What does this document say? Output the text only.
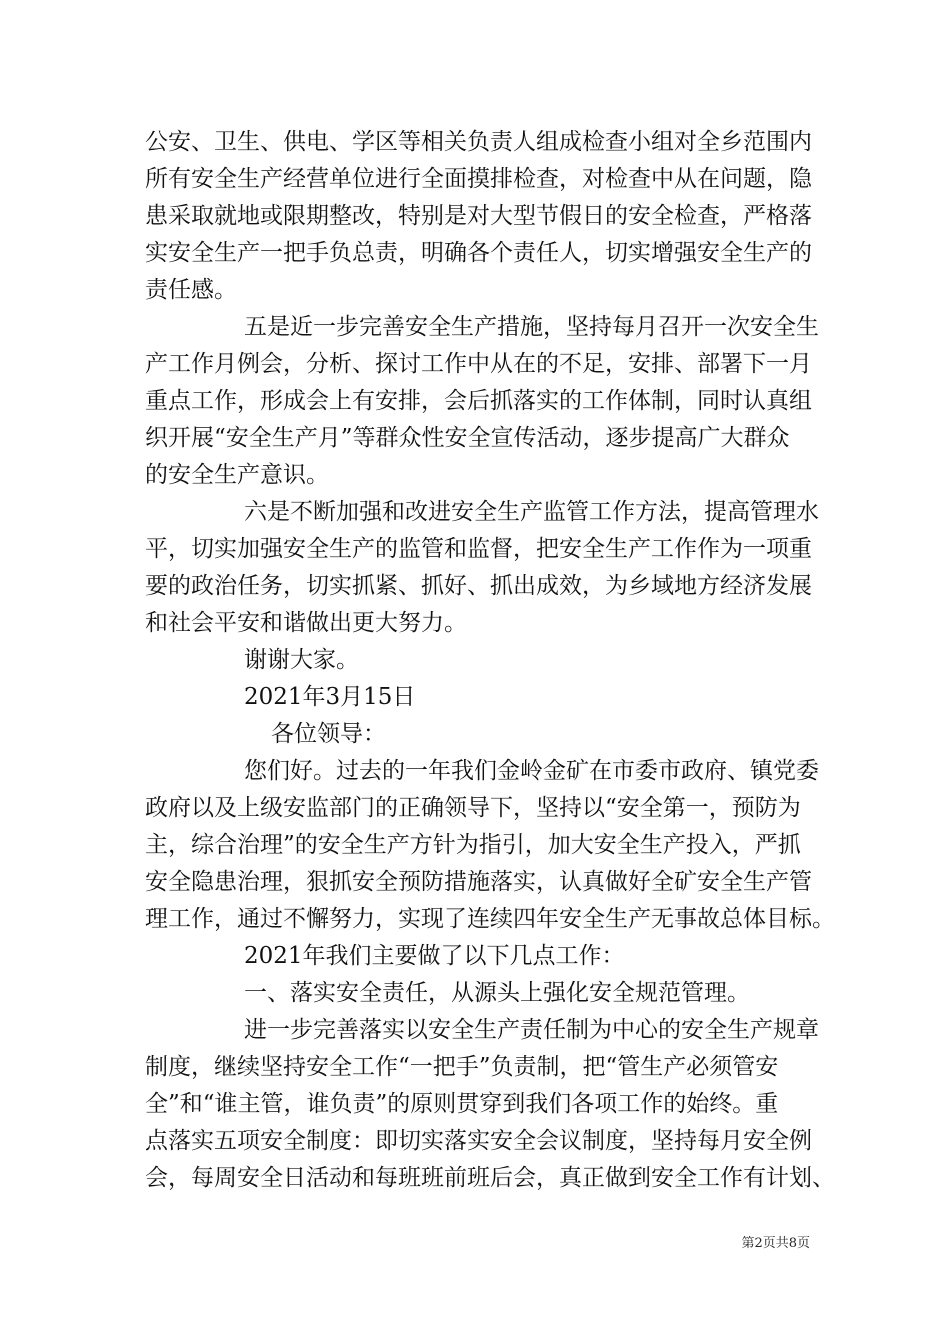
公安、卫生、供电、学区等相关负责人组成检查小组对全乡范围内
所有安全生产经营单位进行全面摸排检查，对检查中从在问题，隐
患采取就地或限期整改，特别是对大型节假日的安全检查，严格落
实安全生产一把手负总责，明确各个责任人，切实增强安全生产的
责任感。
五是近一步完善安全生产措施，坚持每月召开一次安全生
产工作月例会，分析、探讨工作中从在的不足，安排、部署下一月
重点工作，形成会上有安排，会后抓落实的工作体制，同时认真组
织开展“安全生产月”等群众性安全宣传活动，逐步提高广大群众
的安全生产意识。
六是不断加强和改进安全生产监管工作方法，提高管理水
平，切实加强安全生产的监管和监督，把安全生产工作作为一项重
要的政治任务，切实抓紧、抓好、抓出成效，为乡域地方经济发展
和社会平安和谐做出更大努力。
谢谢大家。
2021年3月15日
各位领导：
您们好。过去的一年我们金岭金矿在市委市政府、镇党委
政府以及上级安监部门的正确领导下，坚持以“安全第一，预防为
主，综合治理”的安全生产方针为指引，加大安全生产投入，严抓
安全隐患治理，狠抓安全预防措施落实，认真做好全矿安全生产管
理工作，通过不懈努力，实现了连续四年安全生产无事故总体目标。
2021年我们主要做了以下几点工作：
一、落实安全责任，从源头上强化安全规范管理。
进一步完善落实以安全生产责任制为中心的安全生产规章
制度，继续坚持安全工作“一把手”负责制，把“管生产必须管安
全”和“谁主管，谁负责”的原则贯穿到我们各项工作的始终。重
点落实五项安全制度：即切实落实安全会议制度，坚持每月安全例
会，每周安全日活动和每班班前班后会，真正做到安全工作有计划、
第2页共8页
